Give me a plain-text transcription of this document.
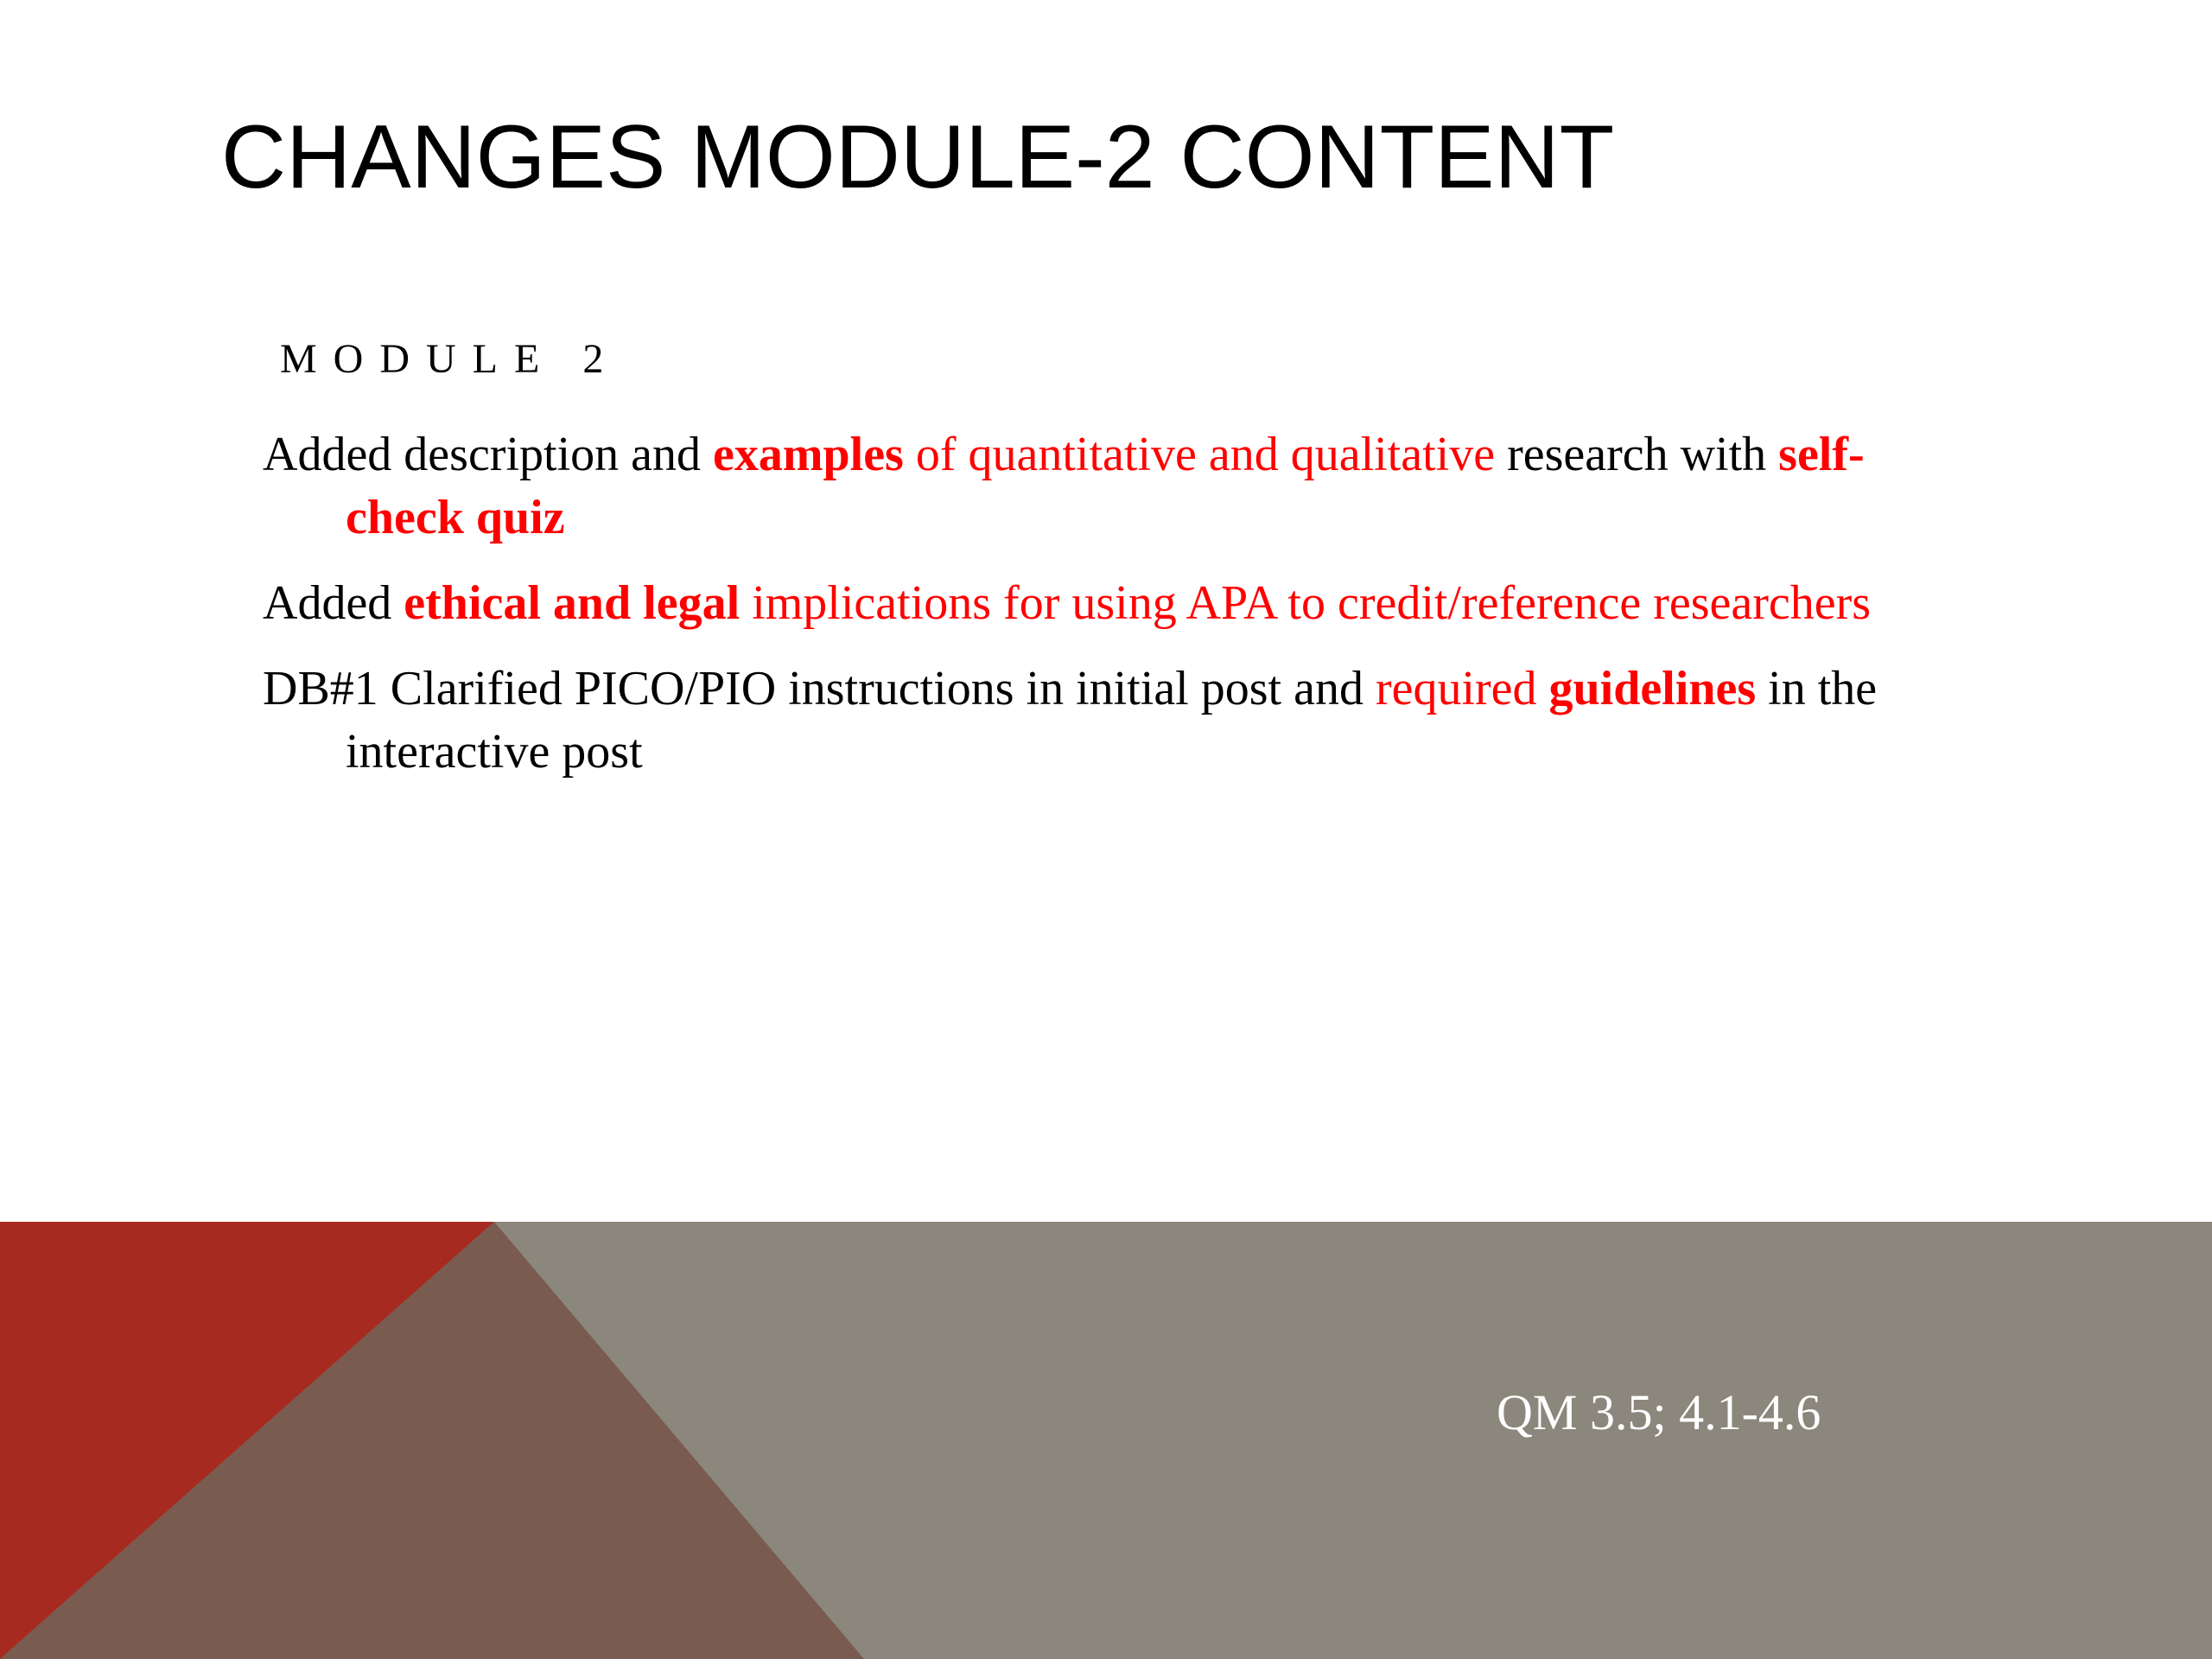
CHANGES MODULE-2 CONTENT
MODULE 2

Added description and examples of quantitative and qualitative research with self-check quiz

Added ethical and legal implications for using APA to credit/reference researchers

DB#1 Clarified PICO/PIO instructions in initial post and required guidelines in the interactive post

QM 3.5; 4.1-4.6
